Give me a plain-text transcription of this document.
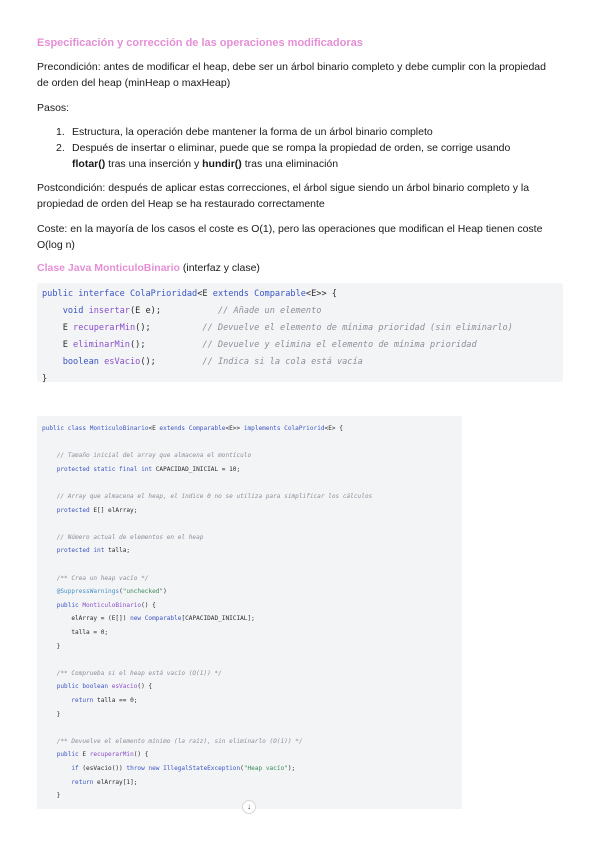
Especificación y corrección de las operaciones modificadoras

Precondición: antes de modificar el heap, debe ser un árbol binario completo y debe cumplir con la propiedad de orden del heap (minHeap o maxHeap)

Pasos:

1. Estructura, la operación debe mantener la forma de un árbol binario completo
2. Después de insertar o eliminar, puede que se rompa la propiedad de orden, se corrige usando flotar() tras una inserción y hundir() tras una eliminación

Postcondición: después de aplicar estas correcciones, el árbol sigue siendo un árbol binario completo y la propiedad de orden del Heap se ha restaurado correctamente

Coste: en la mayoría de los casos el coste es O(1), pero las operaciones que modifican el Heap tienen coste O(log n)

Clase Java MonticuloBinario (interfaz y clase)

public interface ColaPrioridad<E extends Comparable<E>> {
void insertar(E e);           // Añade un elemento
E recuperarMin();          // Devuelve el elemento de mínima prioridad (sin eliminarlo)
E eliminarMin();           // Devuelve y elimina el elemento de mínima prioridad
boolean esVacio();         // Indica si la cola está vacía
}
public class MonticuloBinario<E extends Comparable<E>> implements ColaPriorid<E> {
// Tamaño inicial del array que almacena el montículo
protected static final int CAPACIDAD_INICIAL = 10;
// Array que almacena el heap, el índice 0 no se utiliza para simplificar los cálculos
protected E[] elArray;
// Número actual de elementos en el heap
protected int talla;
/** Crea un heap vacío */
@SuppressWarnings("unchecked")
public MonticuloBinario() {
elArray = (E[]) new Comparable[CAPACIDAD_INICIAL];
talla = 0;
}
/** Comprueba si el heap está vacío (O(1)) */
public boolean esVacio() {
return talla == 0;
}
/** Devuelve el elemento mínimo (la raíz), sin eliminarlo (O(1)) */
public E recuperarMin() {
if (esVacio()) throw new IllegalStateException("Heap vacío");
return elArray[1];
}
↓
